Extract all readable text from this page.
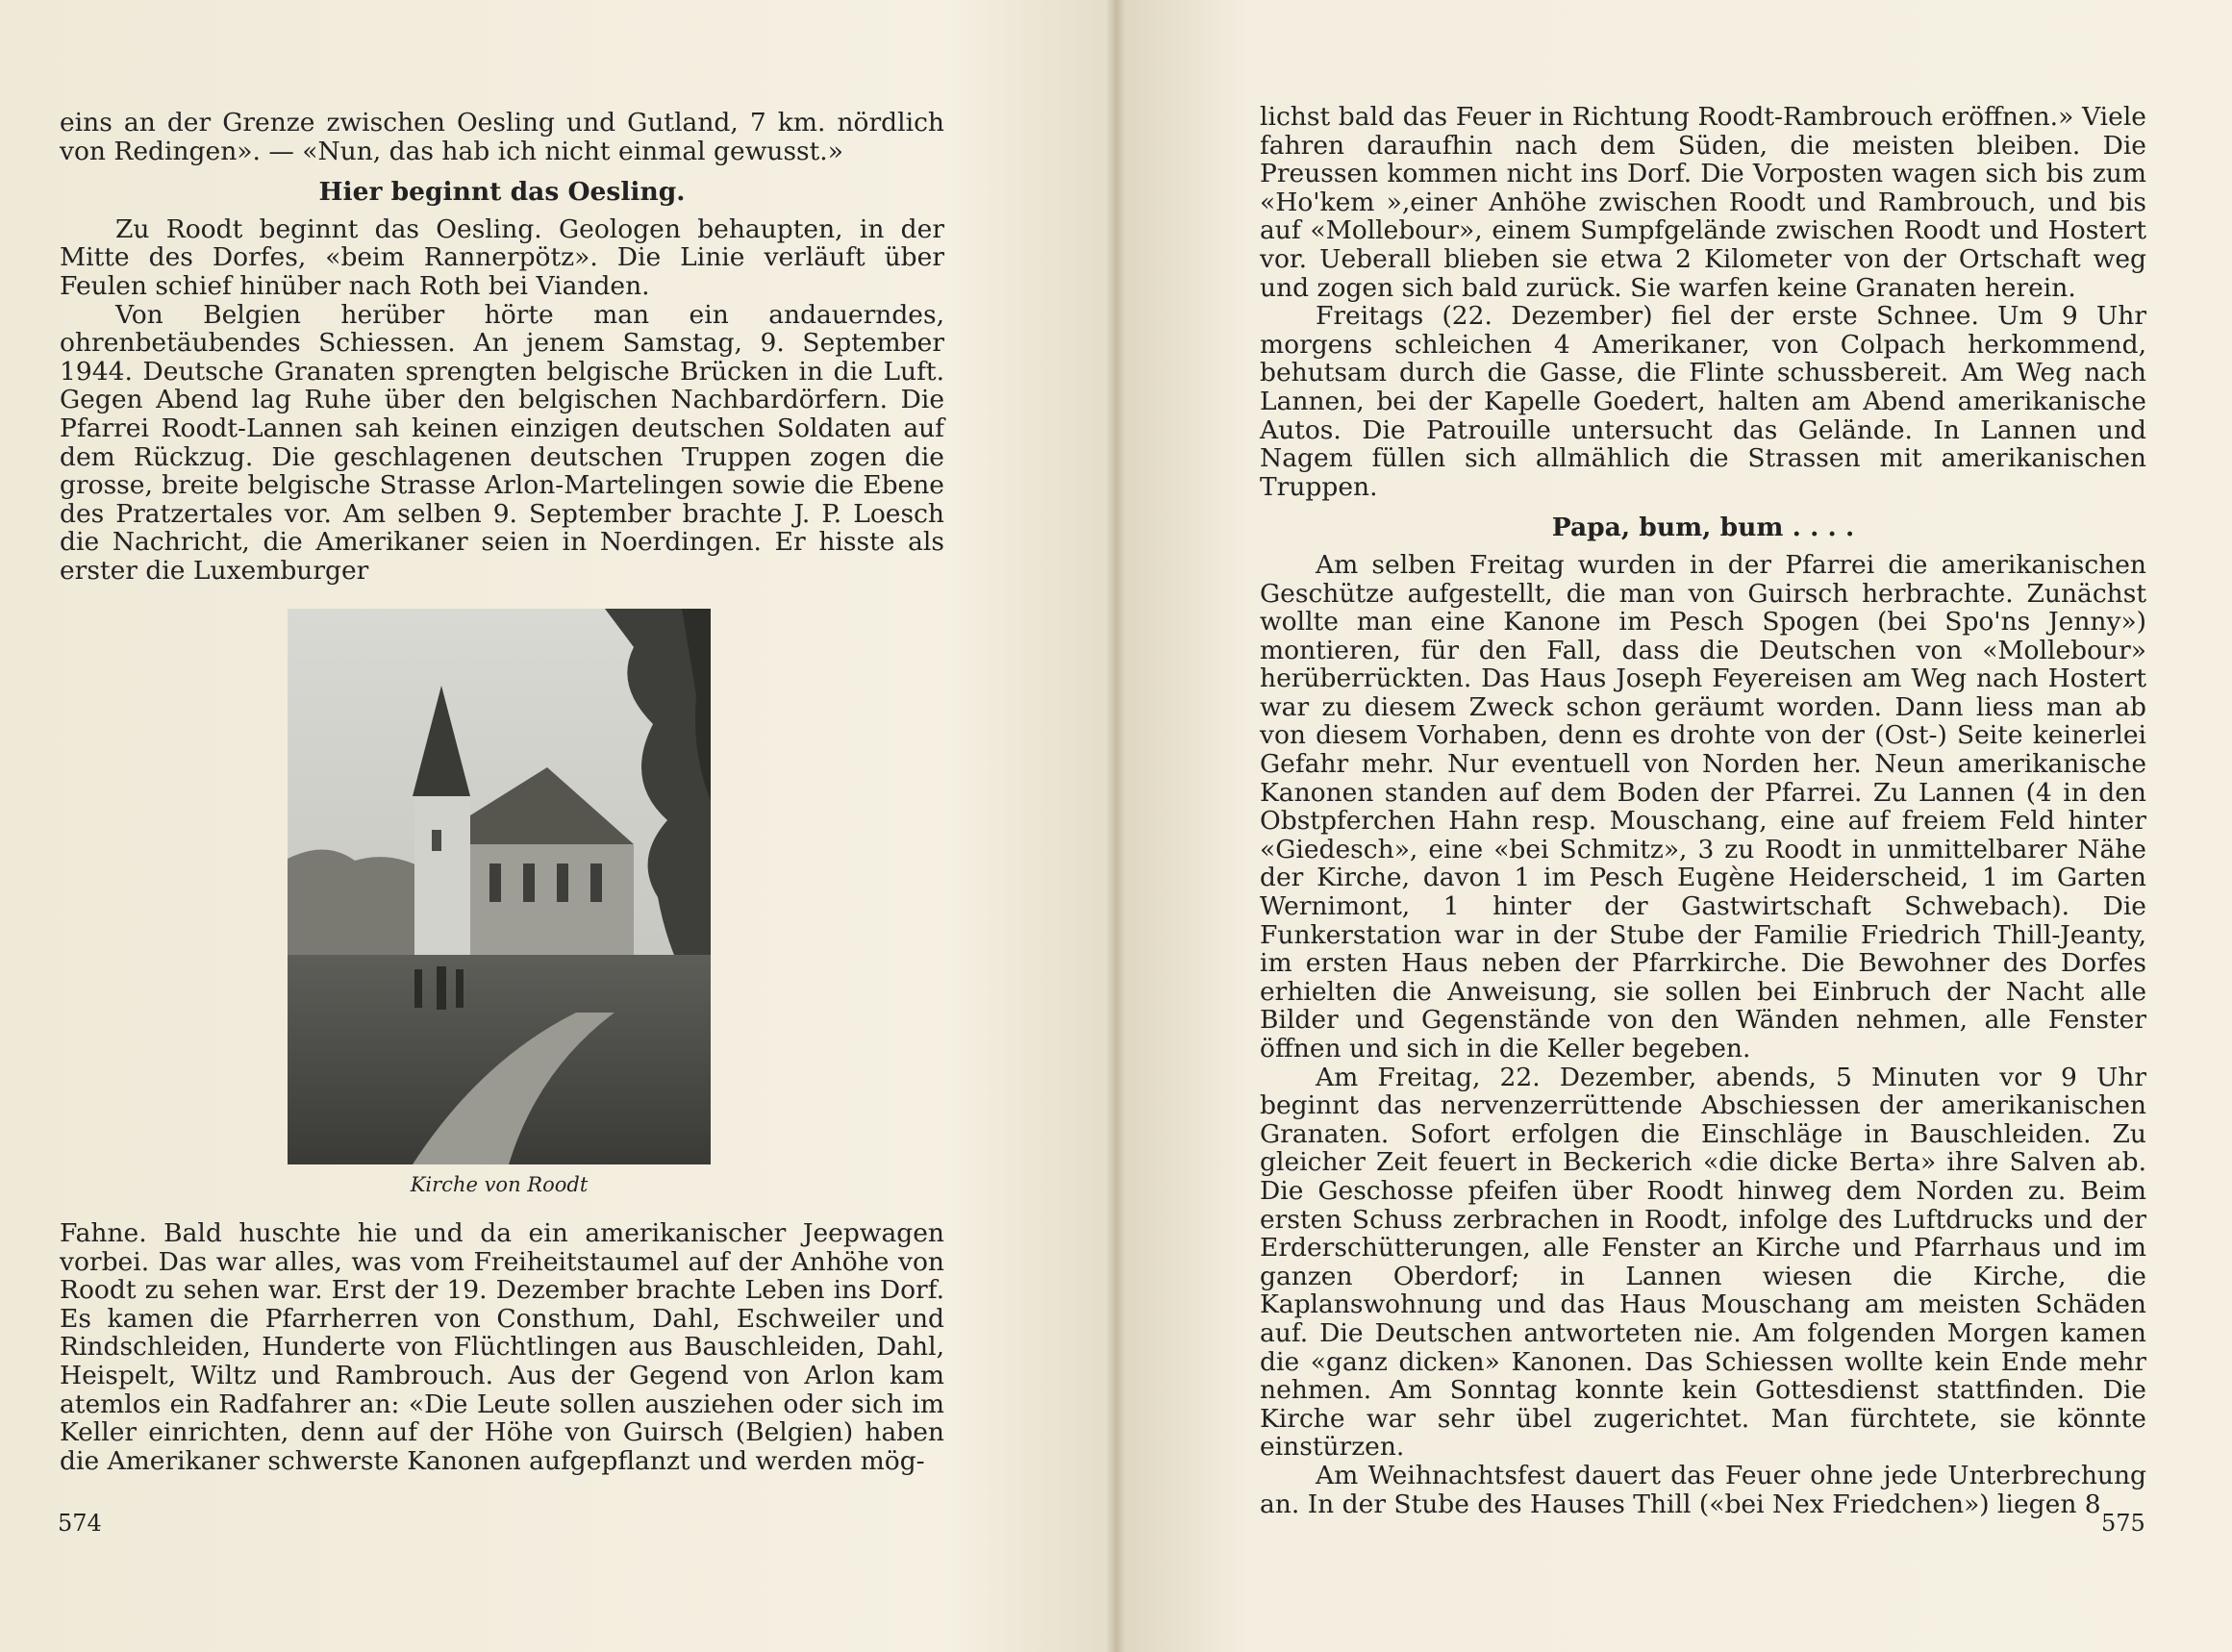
eins an der Grenze zwischen Oesling und Gutland, 7 km. nördlich von Redingen». — «Nun, das hab ich nicht einmal gewusst.»

Hier beginnt das Oesling.

Zu Roodt beginnt das Oesling. Geologen behaupten, in der Mitte des Dorfes, «beim Rannerpötz». Die Linie verläuft über Feulen schief hinüber nach Roth bei Vianden.

Von Belgien herüber hörte man ein andauerndes, ohrenbetäubendes Schiessen. An jenem Samstag, 9. September 1944. Deutsche Granaten sprengten belgische Brücken in die Luft. Gegen Abend lag Ruhe über den belgischen Nachbardörfern. Die Pfarrei Roodt-Lannen sah keinen einzigen deutschen Soldaten auf dem Rückzug. Die geschlagenen deutschen Truppen zogen die grosse, breite belgische Strasse Arlon-Martelingen sowie die Ebene des Pratzertales vor. Am selben 9. September brachte J. P. Loesch die Nachricht, die Amerikaner seien in Noerdingen. Er hisste als erster die Luxemburger

Kirche von Roodt

Fahne. Bald huschte hie und da ein amerikanischer Jeepwagen vorbei. Das war alles, was vom Freiheitstaumel auf der Anhöhe von Roodt zu sehen war. Erst der 19. Dezember brachte Leben ins Dorf. Es kamen die Pfarrherren von Consthum, Dahl, Eschweiler und Rindschleiden, Hunderte von Flüchtlingen aus Bauschleiden, Dahl, Heispelt, Wiltz und Rambrouch. Aus der Gegend von Arlon kam atemlos ein Radfahrer an: «Die Leute sollen ausziehen oder sich im Keller einrichten, denn auf der Höhe von Guirsch (Belgien) haben die Amerikaner schwerste Kanonen aufgepflanzt und werden mög-

574

lichst bald das Feuer in Richtung Roodt-Rambrouch eröffnen.» Viele fahren daraufhin nach dem Süden, die meisten bleiben. Die Preussen kommen nicht ins Dorf. Die Vorposten wagen sich bis zum «Ho'kem »,einer Anhöhe zwischen Roodt und Rambrouch, und bis auf «Mollebour», einem Sumpfgelände zwischen Roodt und Hostert vor. Ueberall blieben sie etwa 2 Kilometer von der Ortschaft weg und zogen sich bald zurück. Sie warfen keine Granaten herein.

Freitags (22. Dezember) fiel der erste Schnee. Um 9 Uhr morgens schleichen 4 Amerikaner, von Colpach herkommend, behutsam durch die Gasse, die Flinte schussbereit. Am Weg nach Lannen, bei der Kapelle Goedert, halten am Abend amerikanische Autos. Die Patrouille untersucht das Gelände. In Lannen und Nagem füllen sich allmählich die Strassen mit amerikanischen Truppen.

Papa, bum, bum . . . .

Am selben Freitag wurden in der Pfarrei die amerikanischen Geschütze aufgestellt, die man von Guirsch herbrachte. Zunächst wollte man eine Kanone im Pesch Spogen (bei Spo'ns Jenny») montieren, für den Fall, dass die Deutschen von «Mollebour» herüberrückten. Das Haus Joseph Feyereisen am Weg nach Hostert war zu diesem Zweck schon geräumt worden. Dann liess man ab von diesem Vorhaben, denn es drohte von der (Ost-) Seite keinerlei Gefahr mehr. Nur eventuell von Norden her. Neun amerikanische Kanonen standen auf dem Boden der Pfarrei. Zu Lannen (4 in den Obstpferchen Hahn resp. Mouschang, eine auf freiem Feld hinter «Giedesch», eine «bei Schmitz», 3 zu Roodt in unmittelbarer Nähe der Kirche, davon 1 im Pesch Eugène Heiderscheid, 1 im Garten Wernimont, 1 hinter der Gastwirtschaft Schwebach). Die Funkerstation war in der Stube der Familie Friedrich Thill-Jeanty, im ersten Haus neben der Pfarrkirche. Die Bewohner des Dorfes erhielten die Anweisung, sie sollen bei Einbruch der Nacht alle Bilder und Gegenstände von den Wänden nehmen, alle Fenster öffnen und sich in die Keller begeben.

Am Freitag, 22. Dezember, abends, 5 Minuten vor 9 Uhr beginnt das nervenzerrüttende Abschiessen der amerikanischen Granaten. Sofort erfolgen die Einschläge in Bauschleiden. Zu gleicher Zeit feuert in Beckerich «die dicke Berta» ihre Salven ab. Die Geschosse pfeifen über Roodt hinweg dem Norden zu. Beim ersten Schuss zerbrachen in Roodt, infolge des Luftdrucks und der Erderschütterungen, alle Fenster an Kirche und Pfarrhaus und im ganzen Oberdorf; in Lannen wiesen die Kirche, die Kaplanswohnung und das Haus Mouschang am meisten Schäden auf. Die Deutschen antworteten nie. Am folgenden Morgen kamen die «ganz dicken» Kanonen. Das Schiessen wollte kein Ende mehr nehmen. Am Sonntag konnte kein Gottesdienst stattfinden. Die Kirche war sehr übel zugerichtet. Man fürchtete, sie könnte einstürzen.

Am Weihnachtsfest dauert das Feuer ohne jede Unterbrechung an. In der Stube des Hauses Thill («bei Nex Friedchen») liegen 8

575
